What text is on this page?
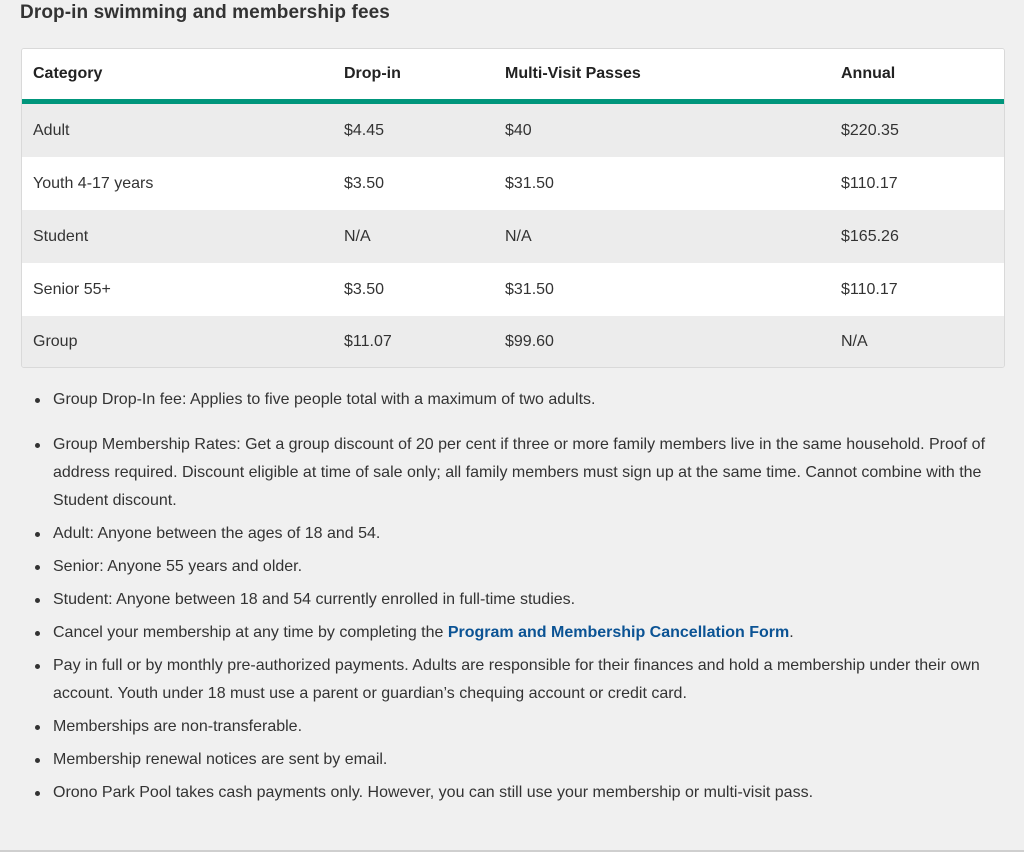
Drop-in swimming and membership fees
Category	Drop-in	Multi-Visit Passes	Annual
Adult	$4.45	$40	$220.35
Youth 4-17 years	$3.50	$31.50	$110.17
Student	N/A	N/A	$165.26
Senior 55+	$3.50	$31.50	$110.17
Group	$11.07	$99.60	N/A
Group Drop-In fee: Applies to five people total with a maximum of two adults.
Group Membership Rates: Get a group discount of 20 per cent if three or more family members live in the same household. Proof of address required. Discount eligible at time of sale only; all family members must sign up at the same time. Cannot combine with the Student discount.
Adult: Anyone between the ages of 18 and 54.
Senior: Anyone 55 years and older.
Student: Anyone between 18 and 54 currently enrolled in full-time studies.
Cancel your membership at any time by completing the Program and Membership Cancellation Form.
Pay in full or by monthly pre-authorized payments. Adults are responsible for their finances and hold a membership under their own account. Youth under 18 must use a parent or guardian’s chequing account or credit card.
Memberships are non-transferable.
Membership renewal notices are sent by email.
Orono Park Pool takes cash payments only. However, you can still use your membership or multi-visit pass.
